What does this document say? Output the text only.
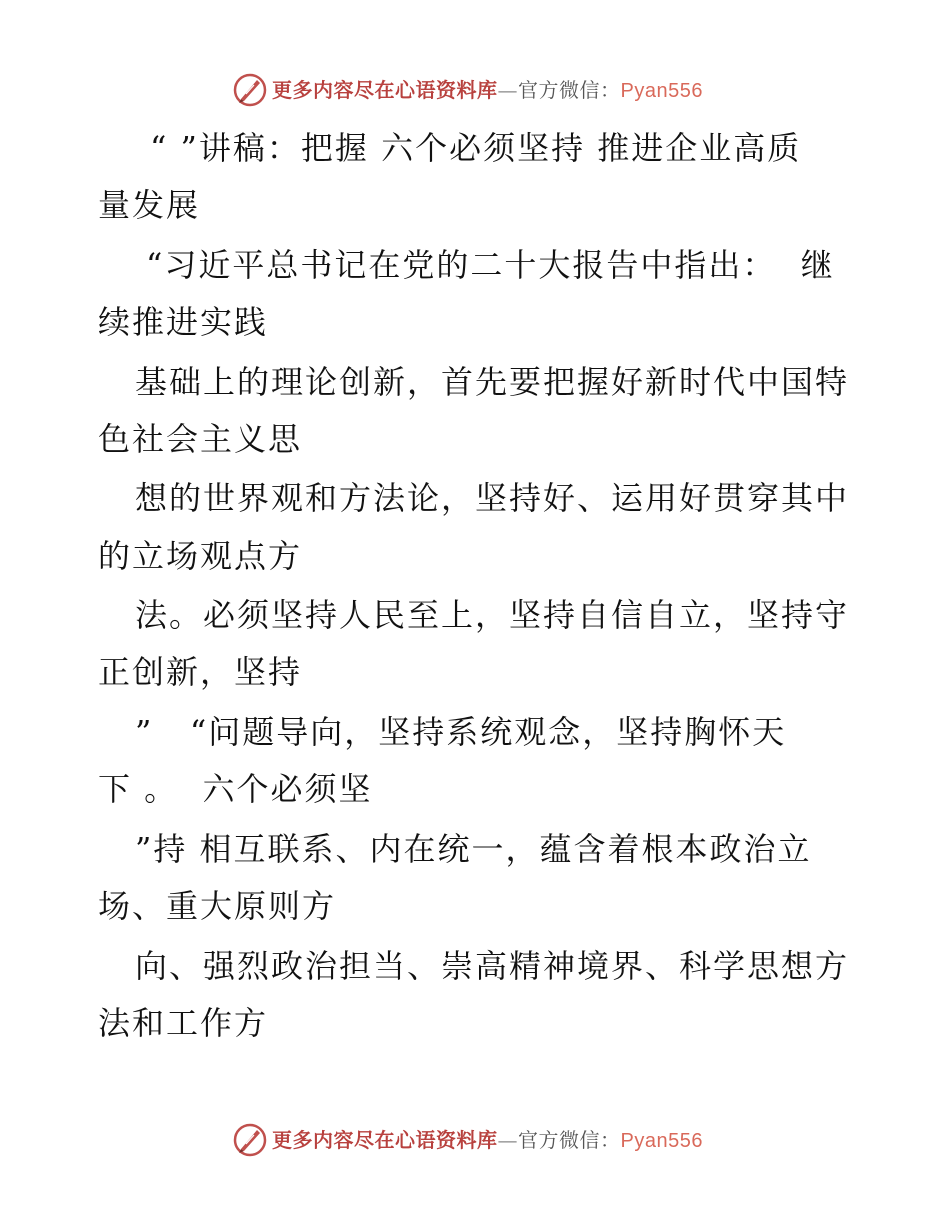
更多内容尽在心语资料库—官方微信：Pyan556
“ ”讲稿：把握 六个必须坚持 推进企业高质
量发展
“习近平总书记在党的二十大报告中指出：  继
续推进实践
基础上的理论创新，首先要把握好新时代中国特
色社会主义思
想的世界观和方法论，坚持好、运用好贯穿其中
的立场观点方
法。必须坚持人民至上，坚持自信自立，坚持守
正创新，坚持
”   “问题导向，坚持系统观念，坚持胸怀天
下 。  六个必须坚
”持 相互联系、内在统一，蕴含着根本政治立
场、重大原则方
向、强烈政治担当、崇高精神境界、科学思想方
法和工作方
更多内容尽在心语资料库—官方微信：Pyan556
